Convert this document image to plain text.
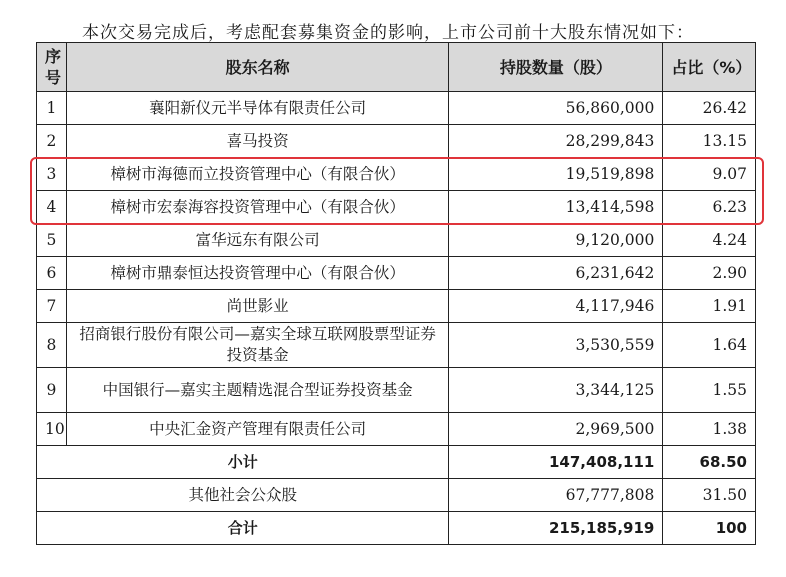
本次交易完成后，考虑配套募集资金的影响，上市公司前十大股东情况如下：
序号	股东名称	持股数量（股）	占比（%）
1	襄阳新仪元半导体有限责任公司	56,860,000	26.42
2	喜马投资	28,299,843	13.15
3	樟树市海德而立投资管理中心（有限合伙）	19,519,898	9.07
4	樟树市宏泰海容投资管理中心（有限合伙）	13,414,598	6.23
5	富华远东有限公司	9,120,000	4.24
6	樟树市鼎泰恒达投资管理中心（有限合伙）	6,231,642	2.90
7	尚世影业	4,117,946	1.91
8	招商银行股份有限公司—嘉实全球互联网股票型证券投资基金	3,530,559	1.64
9	中国银行—嘉实主题精选混合型证券投资基金	3,344,125	1.55
10	中央汇金资产管理有限责任公司	2,969,500	1.38
小计		147,408,111	68.50
其他社会公众股		67,777,808	31.50
合计		215,185,919	100
